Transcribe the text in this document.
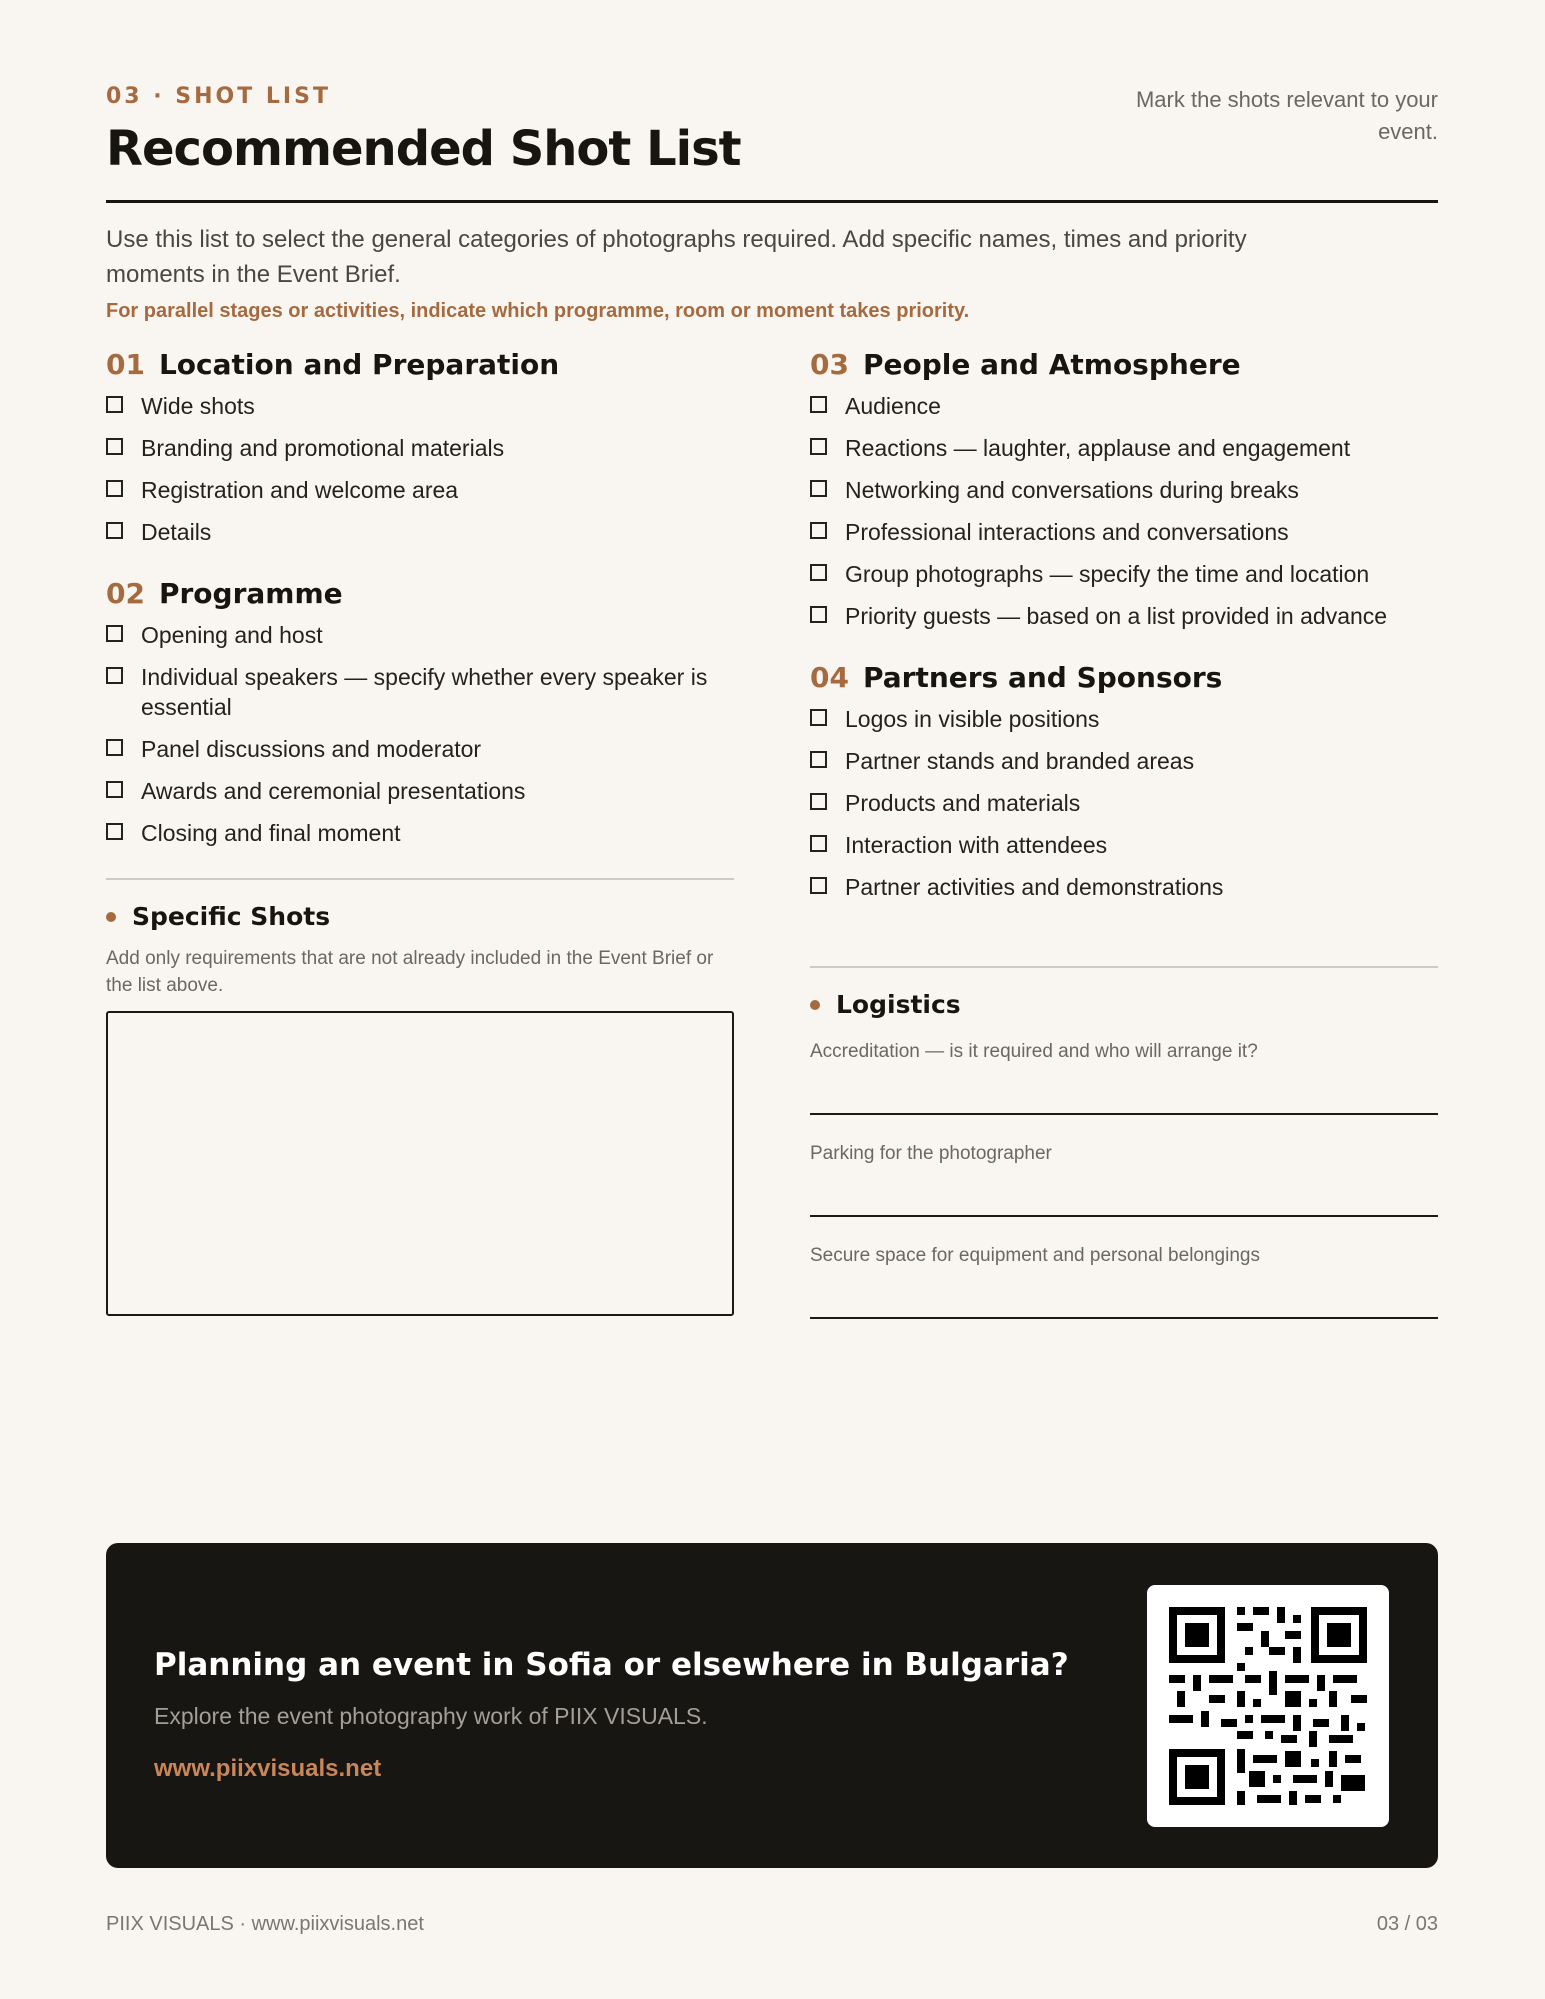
03 · SHOT LIST
Recommended Shot List
Mark the shots relevant to your event.
Use this list to select the general categories of photographs required. Add specific names, times and priority moments in the Event Brief.
For parallel stages or activities, indicate which programme, room or moment takes priority.
01 Location and Preparation
Wide shots
Branding and promotional materials
Registration and welcome area
Details
02 Programme
Opening and host
Individual speakers — specify whether every speaker is essential
Panel discussions and moderator
Awards and ceremonial presentations
Closing and final moment
Specific Shots
Add only requirements that are not already included in the Event Brief or the list above.
03 People and Atmosphere
Audience
Reactions — laughter, applause and engagement
Networking and conversations during breaks
Professional interactions and conversations
Group photographs — specify the time and location
Priority guests — based on a list provided in advance
04 Partners and Sponsors
Logos in visible positions
Partner stands and branded areas
Products and materials
Interaction with attendees
Partner activities and demonstrations
Logistics
Accreditation — is it required and who will arrange it?
Parking for the photographer
Secure space for equipment and personal belongings
Planning an event in Sofia or elsewhere in Bulgaria?
Explore the event photography work of PIIX VISUALS.
www.piixvisuals.net
PIIX VISUALS · www.piixvisuals.net	03 / 03
